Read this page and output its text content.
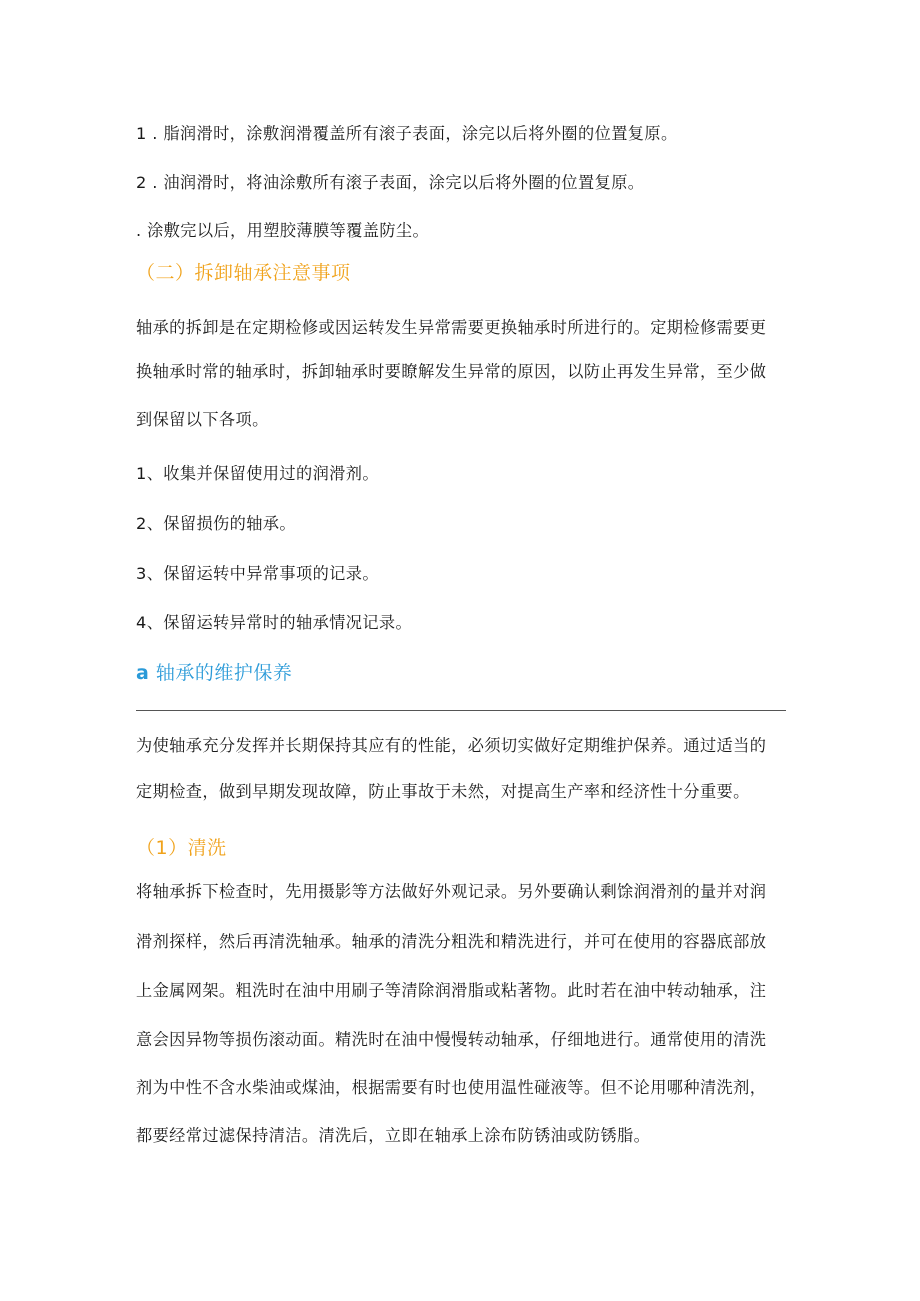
1 . 脂润滑时，涂敷润滑覆盖所有滚子表面，涂完以后将外圈的位置复原。
2 . 油润滑时，将油涂敷所有滚子表面，涂完以后将外圈的位置复原。
. 涂敷完以后，用塑胶薄膜等覆盖防尘。
（二）拆卸轴承注意事项
轴承的拆卸是在定期检修或因运转发生异常需要更换轴承时所进行的。定期检修需要更
换轴承时常的轴承时，拆卸轴承时要瞭解发生异常的原因，以防止再发生异常，至少做
到保留以下各项。
1、收集并保留使用过的润滑剂。
2、保留损伤的轴承。
3、保留运转中异常事项的记录。
4、保留运转异常时的轴承情况记录。
a 轴承的维护保养
为使轴承充分发挥并长期保持其应有的性能，必须切实做好定期维护保养。通过适当的
定期检查，做到早期发现故障，防止事故于未然，对提高生产率和经济性十分重要。
（1）清洗
将轴承拆下检查时，先用摄影等方法做好外观记录。另外要确认剩馀润滑剂的量并对润
滑剂探样，然后再清洗轴承。轴承的清洗分粗洗和精洗进行，并可在使用的容器底部放
上金属网架。粗洗时在油中用刷子等清除润滑脂或粘著物。此时若在油中转动轴承，注
意会因异物等损伤滚动面。精洗时在油中慢慢转动轴承，仔细地进行。通常使用的清洗
剂为中性不含水柴油或煤油，根据需要有时也使用温性碰液等。但不论用哪种清洗剂，
都要经常过滤保持清洁。清洗后，立即在轴承上涂布防锈油或防锈脂。
